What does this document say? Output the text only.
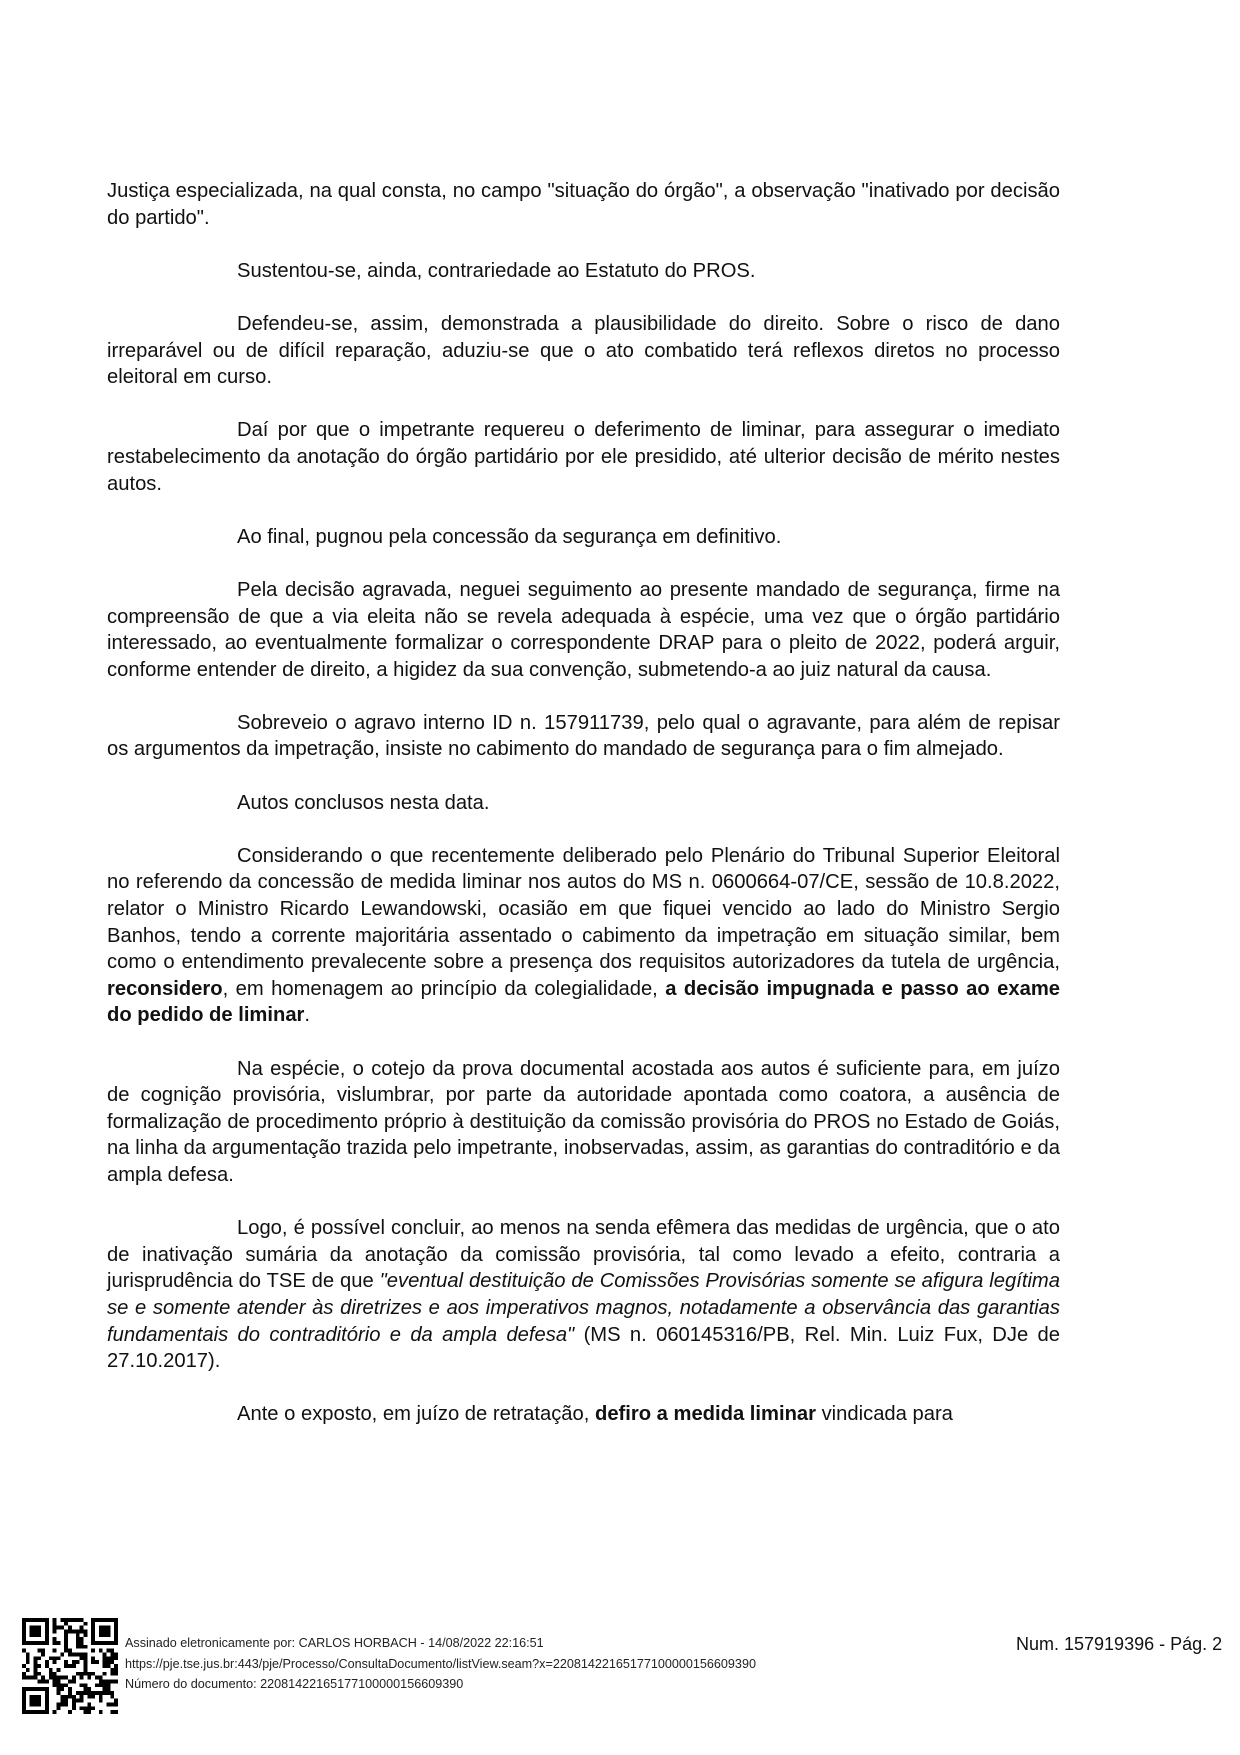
Justiça especializada, na qual consta, no campo "situação do órgão", a observação "inativado por decisão do partido".

Sustentou-se, ainda, contrariedade ao Estatuto do PROS.

Defendeu-se, assim, demonstrada a plausibilidade do direito. Sobre o risco de dano irreparável ou de difícil reparação, aduziu-se que o ato combatido terá reflexos diretos no processo eleitoral em curso.

Daí por que o impetrante requereu o deferimento de liminar, para assegurar o imediato restabelecimento da anotação do órgão partidário por ele presidido, até ulterior decisão de mérito nestes autos.

Ao final, pugnou pela concessão da segurança em definitivo.

Pela decisão agravada, neguei seguimento ao presente mandado de segurança, firme na compreensão de que a via eleita não se revela adequada à espécie, uma vez que o órgão partidário interessado, ao eventualmente formalizar o correspondente DRAP para o pleito de 2022, poderá arguir, conforme entender de direito, a higidez da sua convenção, submetendo-a ao juiz natural da causa.

Sobreveio o agravo interno ID n. 157911739, pelo qual o agravante, para além de repisar os argumentos da impetração, insiste no cabimento do mandado de segurança para o fim almejado.

Autos conclusos nesta data.

Considerando o que recentemente deliberado pelo Plenário do Tribunal Superior Eleitoral no referendo da concessão de medida liminar nos autos do MS n. 0600664-07/CE, sessão de 10.8.2022, relator o Ministro Ricardo Lewandowski, ocasião em que fiquei vencido ao lado do Ministro Sergio Banhos, tendo a corrente majoritária assentado o cabimento da impetração em situação similar, bem como o entendimento prevalecente sobre a presença dos requisitos autorizadores da tutela de urgência, reconsidero, em homenagem ao princípio da colegialidade, a decisão impugnada e passo ao exame do pedido de liminar.

Na espécie, o cotejo da prova documental acostada aos autos é suficiente para, em juízo de cognição provisória, vislumbrar, por parte da autoridade apontada como coatora, a ausência de formalização de procedimento próprio à destituição da comissão provisória do PROS no Estado de Goiás, na linha da argumentação trazida pelo impetrante, inobservadas, assim, as garantias do contraditório e da ampla defesa.

Logo, é possível concluir, ao menos na senda efêmera das medidas de urgência, que o ato de inativação sumária da anotação da comissão provisória, tal como levado a efeito, contraria a jurisprudência do TSE de que "eventual destituição de Comissões Provisórias somente se afigura legítima se e somente atender às diretrizes e aos imperativos magnos, notadamente a observância das garantias fundamentais do contraditório e da ampla defesa" (MS n. 060145316/PB, Rel. Min. Luiz Fux, DJe de 27.10.2017).

Ante o exposto, em juízo de retratação, defiro a medida liminar vindicada para

Assinado eletronicamente por: CARLOS HORBACH - 14/08/2022 22:16:51
https://pje.tse.jus.br:443/pje/Processo/ConsultaDocumento/listView.seam?x=22081422165177100000156609390
Número do documento: 22081422165177100000156609390
Num. 157919396 - Pág. 2
